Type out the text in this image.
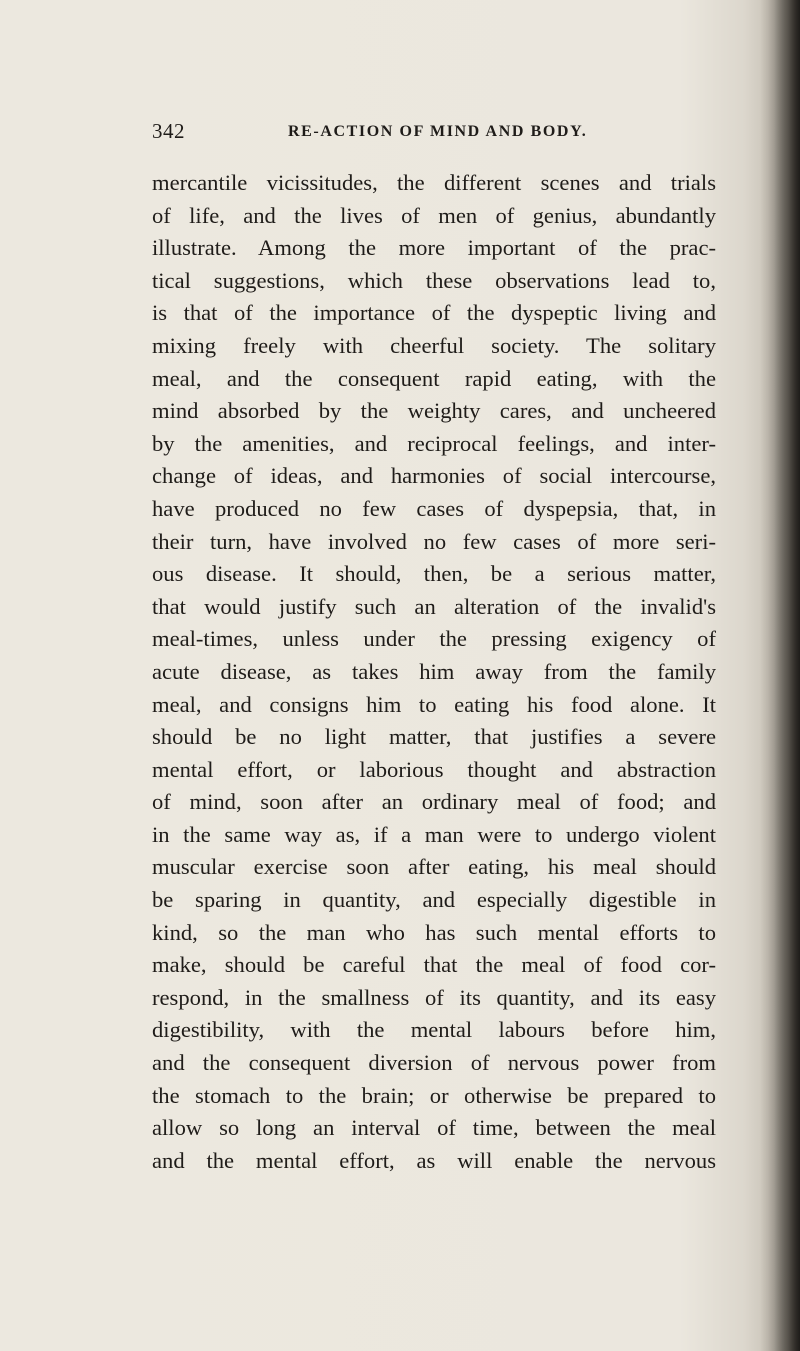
342	RE-ACTION OF MIND AND BODY.
mercantile vicissitudes, the different scenes and trials
of life, and the lives of men of genius, abundantly
illustrate. Among the more important of the prac-
tical suggestions, which these observations lead to,
is that of the importance of the dyspeptic living and
mixing freely with cheerful society. The solitary
meal, and the consequent rapid eating, with the
mind absorbed by the weighty cares, and uncheered
by the amenities, and reciprocal feelings, and inter-
change of ideas, and harmonies of social intercourse,
have produced no few cases of dyspepsia, that, in
their turn, have involved no few cases of more seri-
ous disease. It should, then, be a serious matter,
that would justify such an alteration of the invalid's
meal-times, unless under the pressing exigency of
acute disease, as takes him away from the family
meal, and consigns him to eating his food alone. It
should be no light matter, that justifies a severe
mental effort, or laborious thought and abstraction
of mind, soon after an ordinary meal of food; and
in the same way as, if a man were to undergo violent
muscular exercise soon after eating, his meal should
be sparing in quantity, and especially digestible in
kind, so the man who has such mental efforts to
make, should be careful that the meal of food cor-
respond, in the smallness of its quantity, and its easy
digestibility, with the mental labours before him,
and the consequent diversion of nervous power from
the stomach to the brain; or otherwise be prepared to
allow so long an interval of time, between the meal
and the mental effort, as will enable the nervous
